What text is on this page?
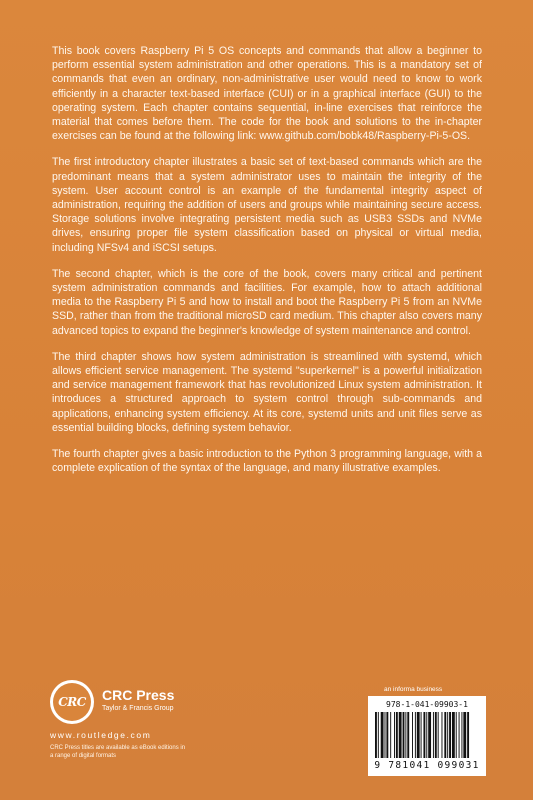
This book covers Raspberry Pi 5 OS concepts and commands that allow a beginner to perform essential system administration and other operations. This is a mandatory set of commands that even an ordinary, non-administrative user would need to know to work efficiently in a character text-based interface (CUI) or in a graphical interface (GUI) to the operating system. Each chapter contains sequential, in-line exercises that reinforce the material that comes before them. The code for the book and solutions to the in-chapter exercises can be found at the following link: www.github.com/bobk48/Raspberry-Pi-5-OS.

The first introductory chapter illustrates a basic set of text-based commands which are the predominant means that a system administrator uses to maintain the integrity of the system. User account control is an example of the fundamental integrity aspect of administration, requiring the addition of users and groups while maintaining secure access. Storage solutions involve integrating persistent media such as USB3 SSDs and NVMe drives, ensuring proper file system classification based on physical or virtual media, including NFSv4 and iSCSI setups.

The second chapter, which is the core of the book, covers many critical and pertinent system administration commands and facilities. For example, how to attach additional media to the Raspberry Pi 5 and how to install and boot the Raspberry Pi 5 from an NVMe SSD, rather than from the traditional microSD card medium. This chapter also covers many advanced topics to expand the beginner's knowledge of system maintenance and control.

The third chapter shows how system administration is streamlined with systemd, which allows efficient service management. The systemd "superkernel" is a powerful initialization and service management framework that has revolutionized Linux system administration. It introduces a structured approach to system control through sub-commands and applications, enhancing system efficiency. At its core, systemd units and unit files serve as essential building blocks, defining system behavior.

The fourth chapter gives a basic introduction to the Python 3 programming language, with a complete explication of the syntax of the language, and many illustrative examples.

CRC	CRC Press
Taylor & Francis Group
www.routledge.com
CRC Press titles are available as eBook editions in a range of digital formats
an informa business
978-1-041-09903-1
9 781041 099031
